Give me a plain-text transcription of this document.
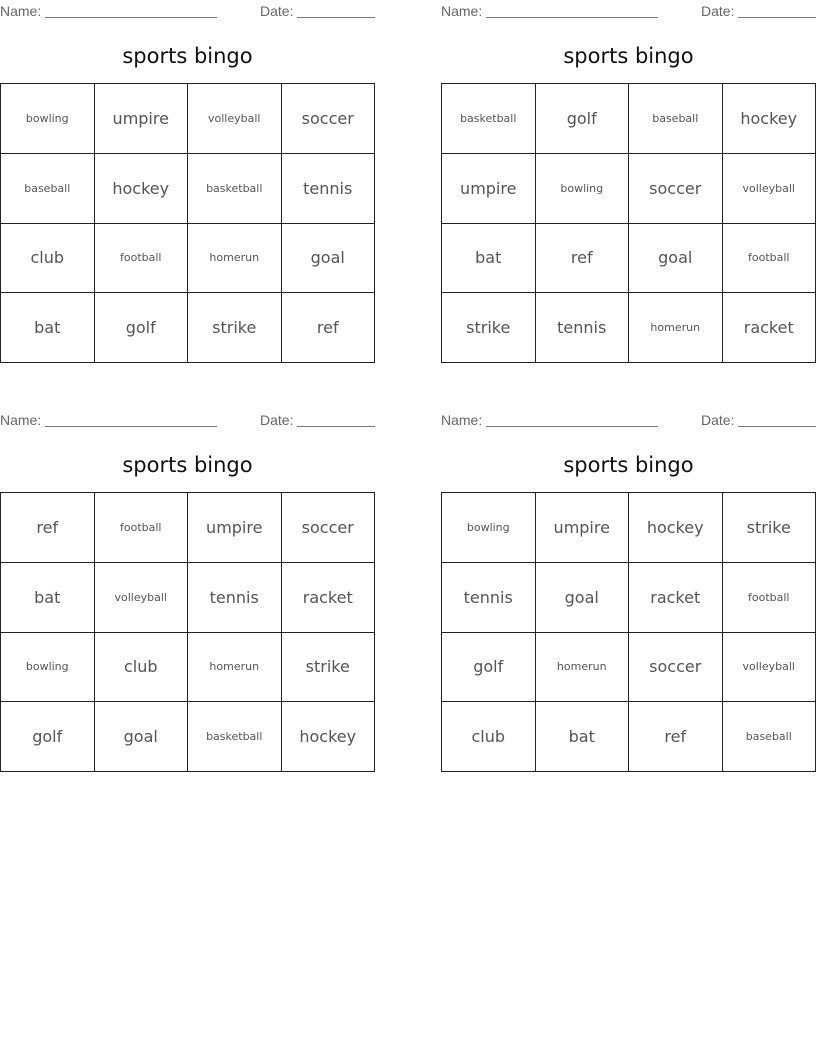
Name:	Date:
sports bingo
bowling	umpire	volleyball	soccer
baseball	hockey	basketball	tennis
club	football	homerun	goal
bat	golf	strike	ref
Name:	Date:
sports bingo
basketball	golf	baseball	hockey
umpire	bowling	soccer	volleyball
bat	ref	goal	football
strike	tennis	homerun	racket
Name:	Date:
sports bingo
ref	football	umpire	soccer
bat	volleyball	tennis	racket
bowling	club	homerun	strike
golf	goal	basketball	hockey
Name:	Date:
sports bingo
bowling	umpire	hockey	strike
tennis	goal	racket	football
golf	homerun	soccer	volleyball
club	bat	ref	baseball
